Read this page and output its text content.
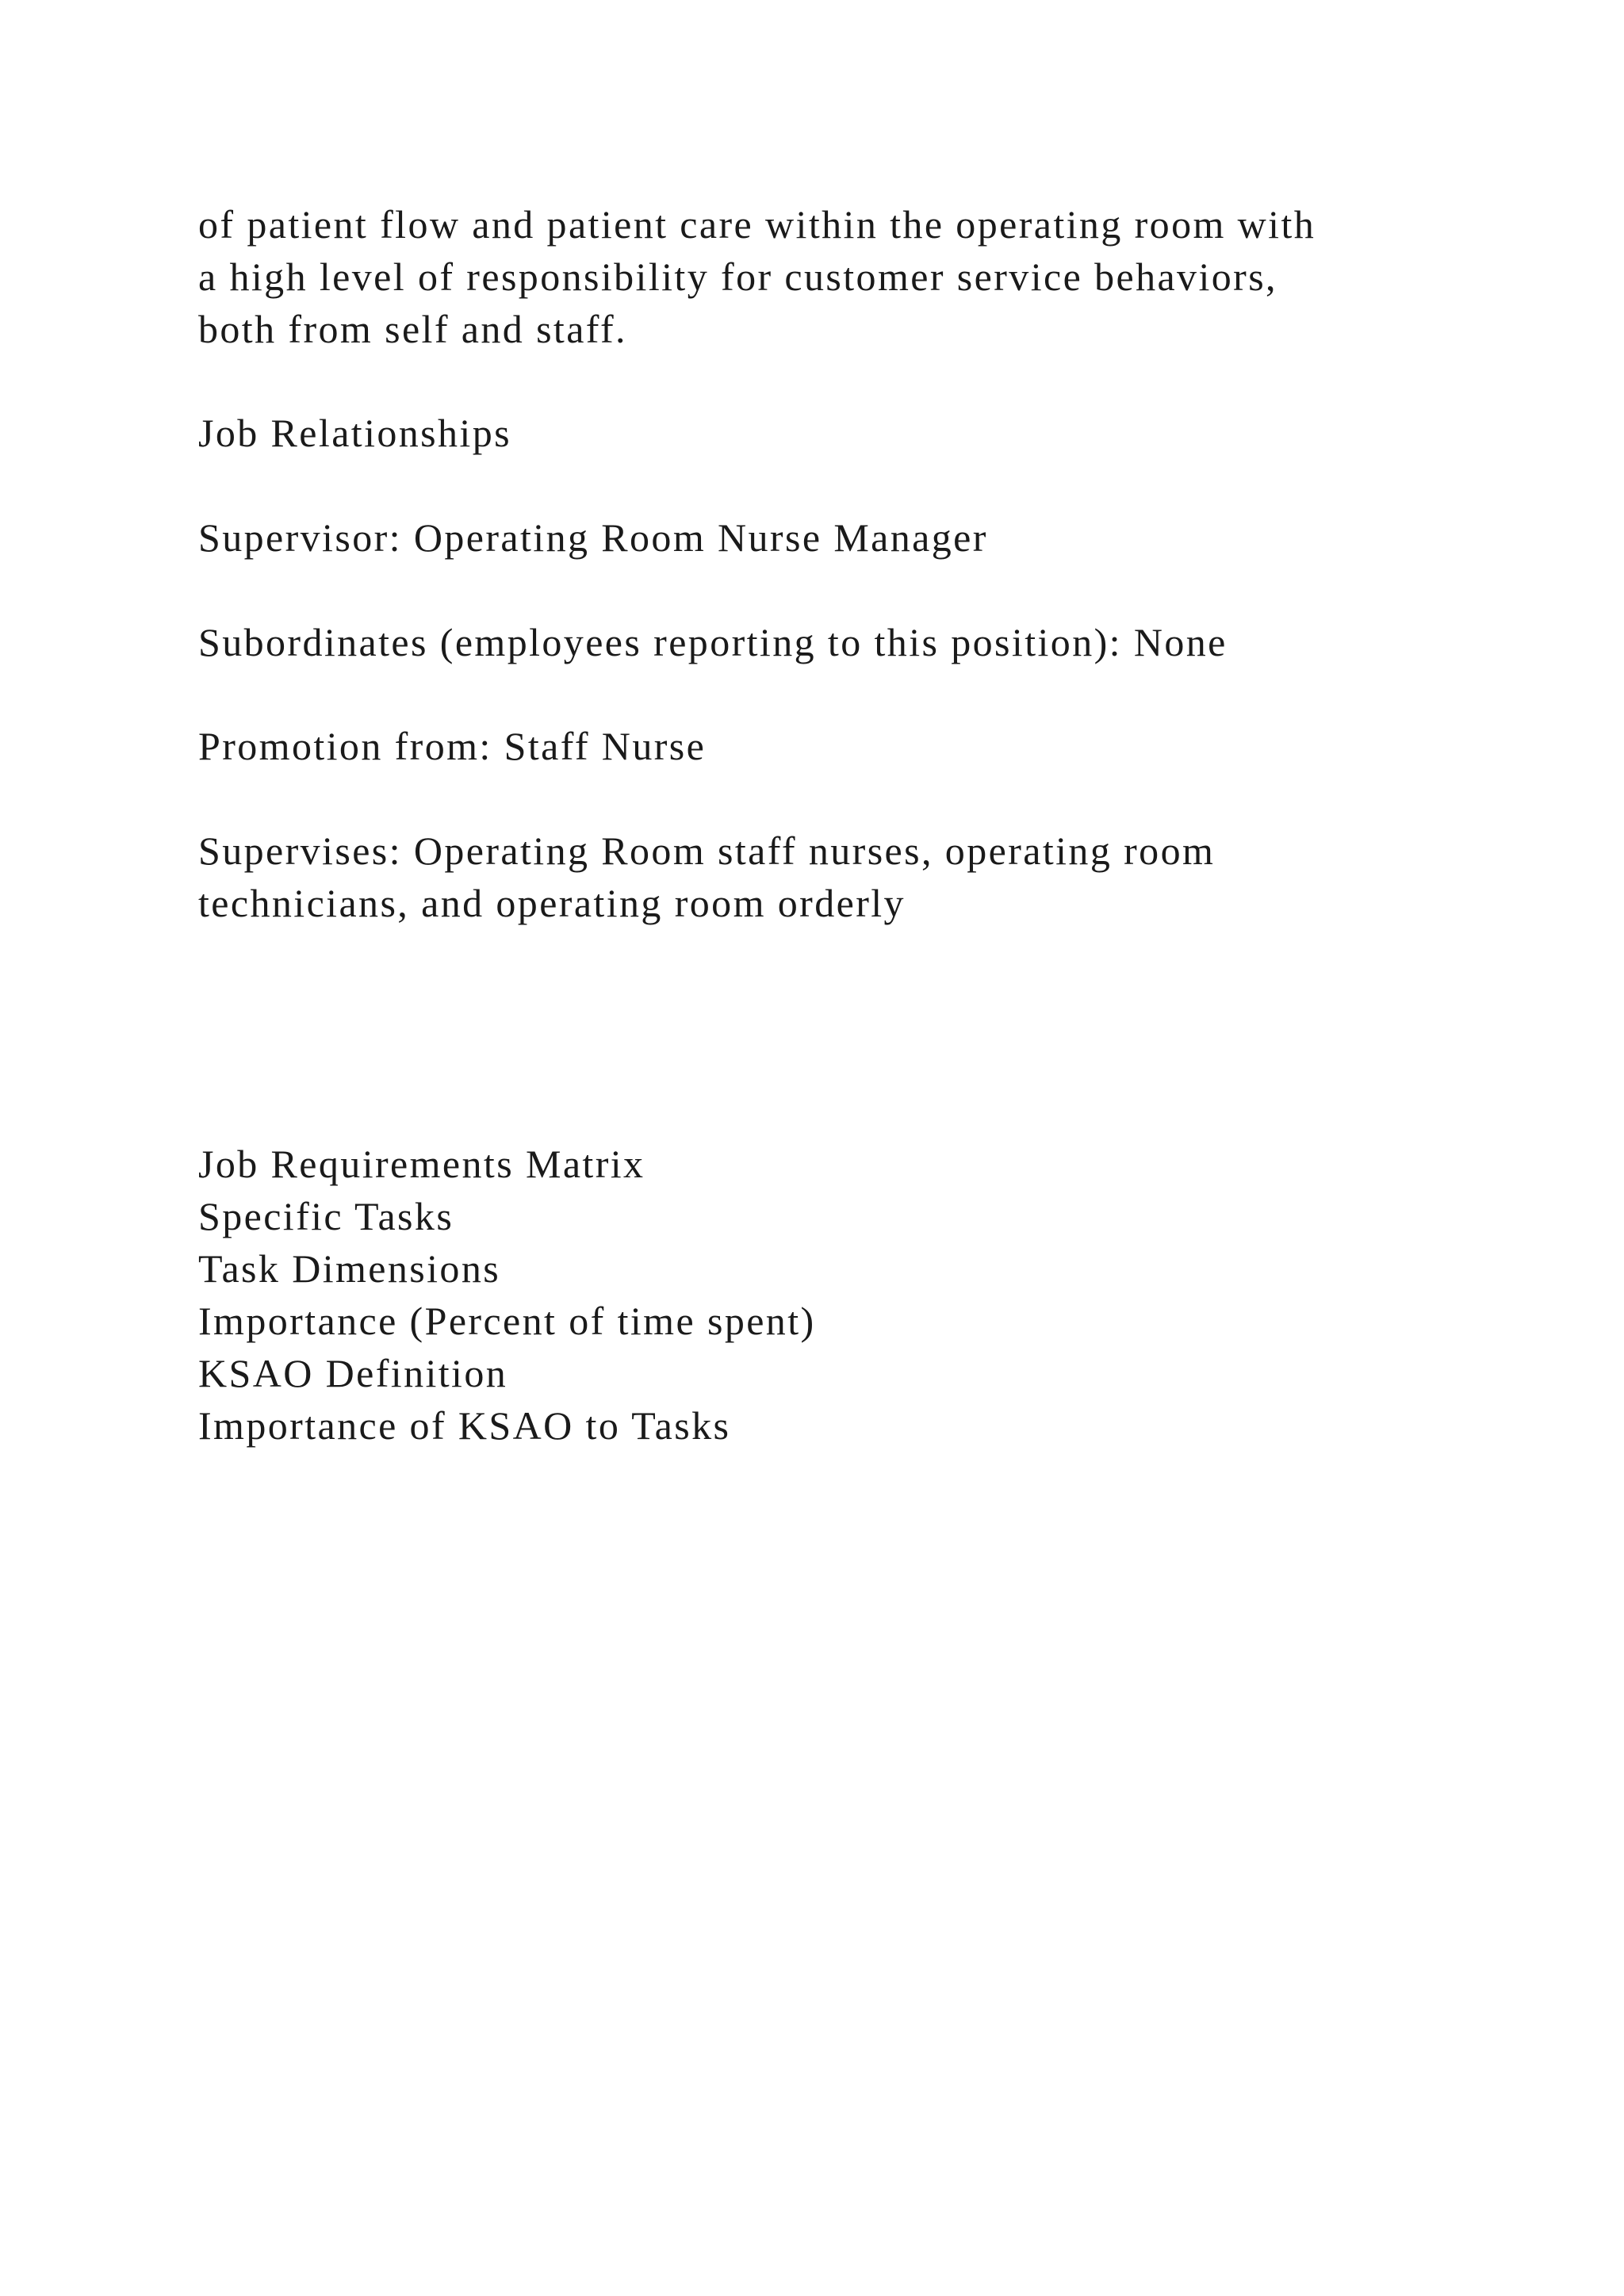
of patient flow and patient care within the operating room with

a high level of responsibility for customer service behaviors,

both from self and staff.

Job Relationships

Supervisor: Operating Room Nurse Manager

Subordinates (employees reporting to this position): None

Promotion from: Staff Nurse

Supervises: Operating Room staff nurses, operating room

technicians, and operating room orderly

Job Requirements Matrix

Specific Tasks

Task Dimensions

Importance (Percent of time spent)

KSAO Definition

Importance of KSAO to Tasks
